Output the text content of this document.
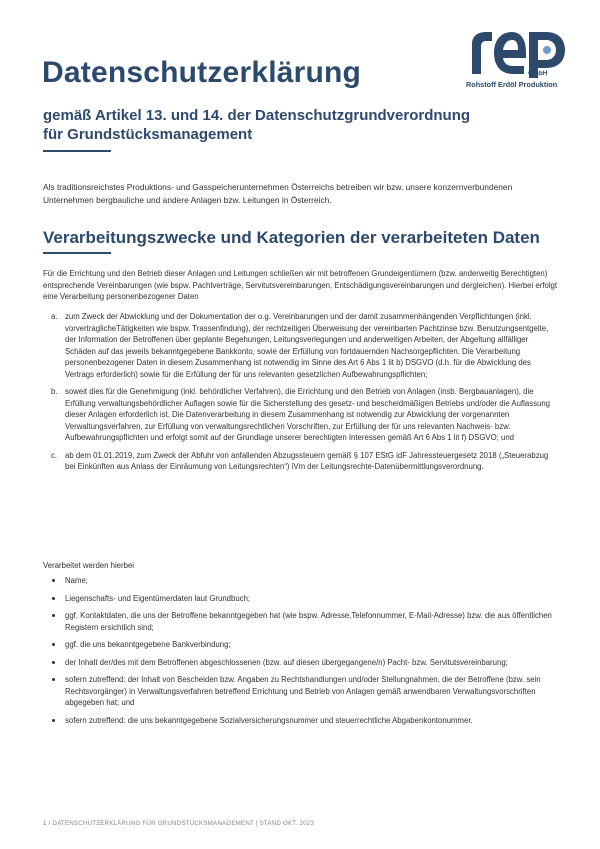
Datenschutzerklärung
gemäß Artikel 13. und 14. der Datenschutzgrundverordnung
für Grundstücksmanagement
GmbH
Rohstoff Erdöl Produktion
Als traditionsreichstes Produktions- und Gasspeicherunternehmen Österreichs betreiben wir bzw. unsere konzernverbundenen Unternehmen bergbauliche und andere Anlagen bzw. Leitungen in Österreich.
Verarbeitungszwecke und Kategorien der verarbeiteten Daten
Für die Errichtung und den Betrieb dieser Anlagen und Leitungen schließen wir mit betroffenen Grundeigentümern (bzw. anderweitig Berechtigten) entsprechende Vereinbarungen (wie bspw. Pachtverträge, Servitutsvereinbarungen, Entschädigungsvereinbarungen und dergleichen). Hierbei erfolgt eine Verarbeitung personenbezogener Daten
a. zum Zweck der Abwicklung und der Dokumentation der o.g. Vereinbarungen und der damit zusammenhängenden Verpflichtungen (inkl. vorvertraglicheTätigkeiten wie bspw. Trassenfindung), der rechtzeitigen Überweisung der vereinbarten Pachtzinse bzw. Benutzungsentgelte, der Information der Betroffenen über geplante Begehungen, Leitungsverlegungen und anderweitigen Arbeiten, der Abgeltung allfälliger Schäden auf das jeweils bekanntgegebene Bankkonto, sowie der Erfüllung von fortdauernden Nachsorgepflichten. Die Verarbeitung personenbezogener Daten in diesem Zusammenhang ist notwendig im Sinne des Art 6 Abs 1 lit b) DSGVO (d.h. für die Abwicklung des Vertrags erforderlich) sowie für die Erfüllung der für uns relevanten gesetzlichen Aufbewahrungspflichten;
b. soweit dies für die Genehmigung (inkl. behördlicher Verfahren), die Errichtung und den Betrieb von Anlagen (insb. Bergbauanlagen), die Erfüllung verwaltungsbehördlicher Auflagen sowie für die Sicherstellung des gesetz- und bescheidmäßigen Betriebs und/oder die Auflassung dieser Anlagen erforderlich ist. Die Datenverarbeitung in diesem Zusammenhang ist notwendig zur Abwicklung der vorgenannten Verwaltungsverfahren, zur Erfüllung von verwaltungsrechtlichen Vorschriften, zur Erfüllung der für uns relevanten Nachweis- bzw. Aufbewahrungspflichten und erfolgt somit auf der Grundlage unserer berechtigten Interessen gemäß Art 6 Abs 1 lit f) DSGVO; und
c. ab dem 01.01.2019, zum Zweck der Abfuhr von anfallenden Abzugssteuern gemäß § 107 EStG idF Jahressteuergesetz 2018 („Steuerabzug bei Einkünften aus Anlass der Einräumung von Leitungsrechten“) iVm der Leitungsrechte-Datenübermittlungsverordnung.
Verarbeitet werden hierbei
Name;
Liegenschafts- und Eigentümerdaten laut Grundbuch;
ggf. Kontaktdaten, die uns der Betroffene bekanntgegeben hat (wie bspw. Adresse,Telefonnummer, E-Mail-Adresse) bzw. die aus öffentlichen Registern ersichtlich sind;
ggf. die uns bekanntgegebene Bankverbindung;
der Inhalt der/des mit dem Betroffenen abgeschlossenen (bzw. auf diesen übergegangene/n) Pacht- bzw. Servitutsvereinbarung;
sofern zutreffend: der Inhalt von Bescheiden bzw. Angaben zu Rechtshandlungen und/oder Stellungnahmen, die der Betroffene (bzw. sein Rechtsvorgänger) in Verwaltungsverfahren betreffend Errichtung und Betrieb von Anlagen gemäß anwendbaren Verwaltungsvorschriften abgegeben hat; und
sofern zutreffend: die uns bekanntgegebene Sozialversicherungsnummer und steuerrechtliche Abgabenkontonummer.
1 / DATENSCHUTZERKLÄRUNG FÜR GRUNDSTÜCKSMANAGEMENT | STAND OKT. 2023
